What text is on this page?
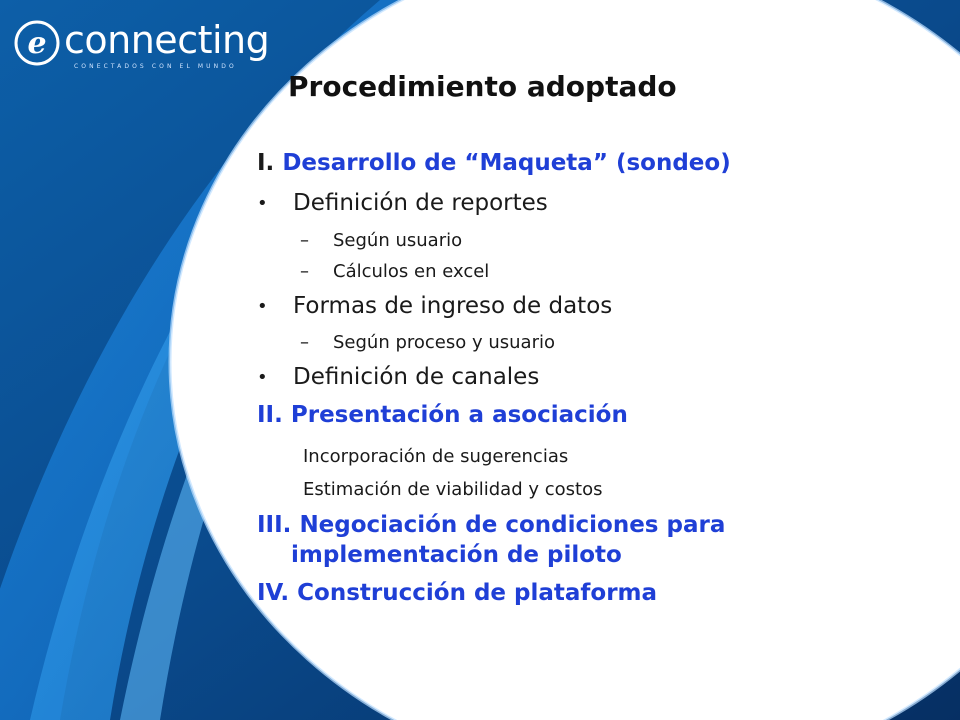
e connecting
CONECTADOS CON EL MUNDO
Procedimiento adoptado
I. Desarrollo de “Maqueta” (sondeo)
• Definición de reportes
– Según usuario
– Cálculos en excel
• Formas de ingreso de datos
– Según proceso y usuario
• Definición de canales
II. Presentación a asociación
Incorporación de sugerencias
Estimación de viabilidad y costos
III. Negociación de condiciones para
implementación de piloto
IV. Construcción de plataforma
